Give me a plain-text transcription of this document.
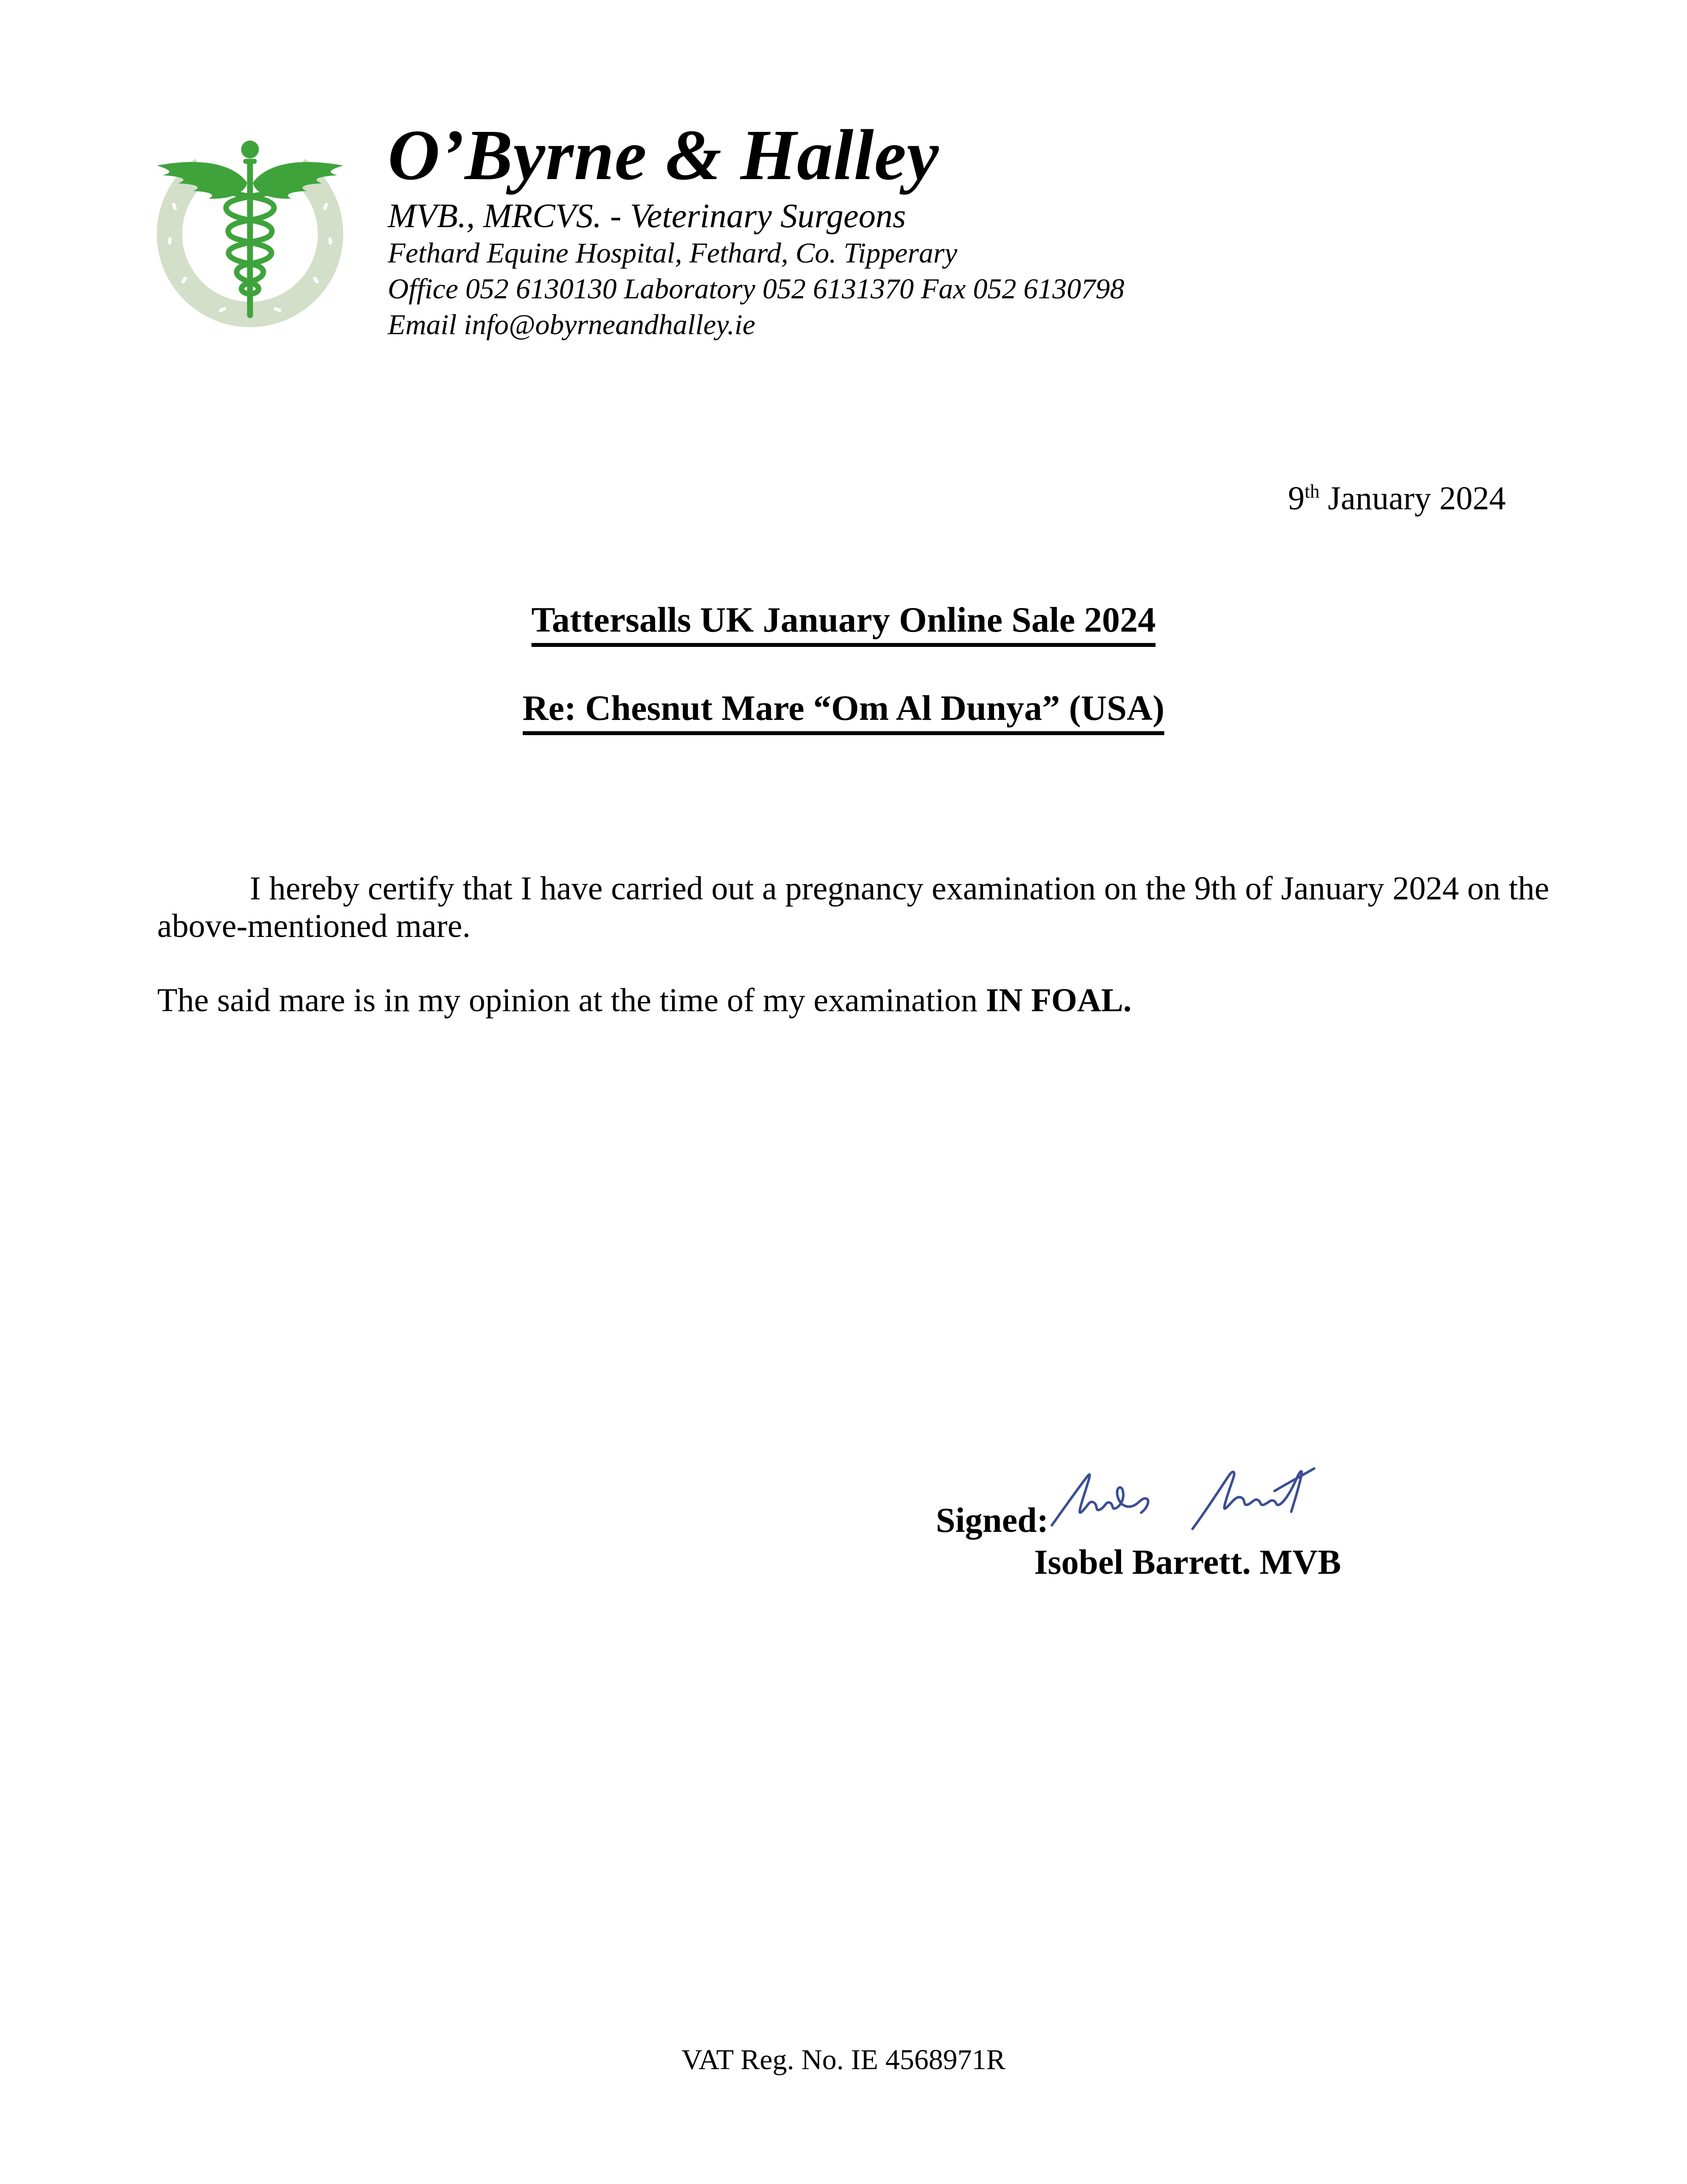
O’Byrne & Halley
MVB., MRCVS. - Veterinary Surgeons
Fethard Equine Hospital, Fethard, Co. Tipperary
Office 052 6130130 Laboratory 052 6131370 Fax 052 6130798
Email info@obyrneandhalley.ie
9th January 2024
Tattersalls UK January Online Sale 2024
Re: Chesnut Mare “Om Al Dunya” (USA)
I hereby certify that I have carried out a pregnancy examination on the 9th of January 2024 on the above-mentioned mare.
The said mare is in my opinion at the time of my examination IN FOAL.
Signed:
Isobel Barrett. MVB
VAT Reg. No. IE 4568971R
